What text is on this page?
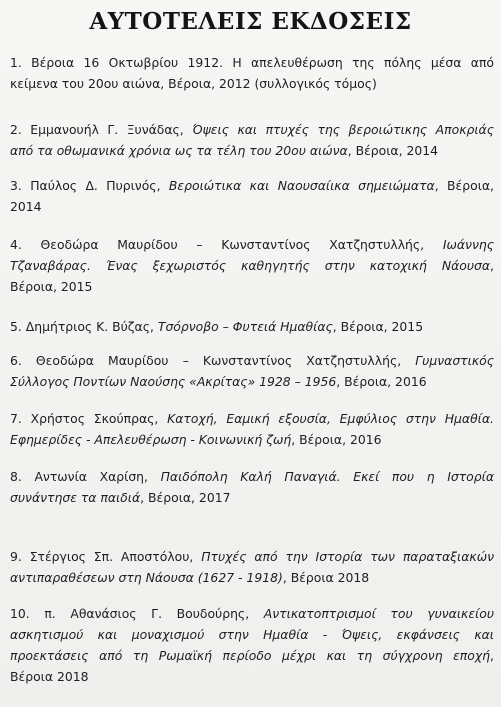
ΑΥΤΟΤΕΛΕΙΣ ΕΚΔΟΣΕΙΣ

1. Βέροια 16 Οκτωβρίου 1912. Η απελευθέρωση της πόλης μέσα από
κείμενα του 20ου αιώνα, Βέροια, 2012 (συλλογικός τόμος)

2. Εμμανουήλ Γ. Ξυνάδας, Όψεις και πτυχές της βεροιώτικης Αποκριάς
από τα οθωμανικά χρόνια ως τα τέλη του 20ου αιώνα, Βέροια, 2014

3. Παύλος Δ. Πυρινός, Βεροιώτικα και Ναουσαίικα σημειώματα, Βέροια,
2014

4. Θεοδώρα Μαυρίδου – Κωνσταντίνος Χατζηστυλλής, Ιωάννης
Τζαναβάρας. Ένας ξεχωριστός καθηγητής στην κατοχική Νάουσα,
Βέροια, 2015

5. Δημήτριος Κ. Βύζας, Τσόρνοβο – Φυτειά Ημαθίας, Βέροια, 2015

6. Θεοδώρα Μαυρίδου – Κωνσταντίνος Χατζηστυλλής, Γυμναστικός
Σύλλογος Ποντίων Ναούσης «Ακρίτας» 1928 – 1956, Βέροια, 2016

7. Χρήστος Σκούπρας, Κατοχή, Εαμική εξουσία, Εμφύλιος στην Ημαθία.
Εφημερίδες - Απελευθέρωση - Κοινωνική ζωή, Βέροια, 2016

8. Αντωνία Χαρίση, Παιδόπολη Καλή Παναγιά. Εκεί που η Ιστορία
συνάντησε τα παιδιά, Βέροια, 2017

9. Στέργιος Σπ. Αποστόλου, Πτυχές από την Ιστορία των παραταξιακών
αντιπαραθέσεων στη Νάουσα (1627 - 1918), Βέροια 2018

10. π. Αθανάσιος Γ. Βουδούρης, Αντικατοπτρισμοί του γυναικείου
ασκητισμού και μοναχισμού στην Ημαθία - Όψεις, εκφάνσεις και
προεκτάσεις από τη Ρωμαϊκή περίοδο μέχρι και τη σύγχρονη εποχή,
Βέροια 2018
